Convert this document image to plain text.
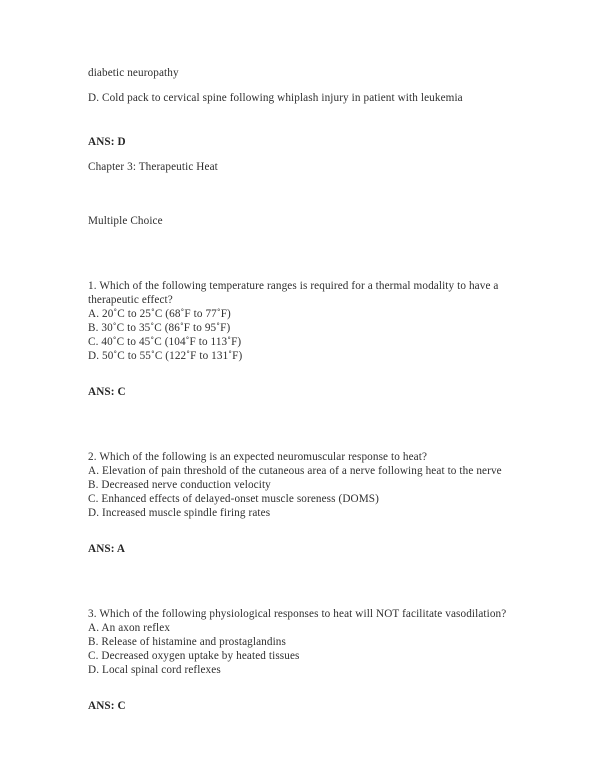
diabetic neuropathy

D. Cold pack to cervical spine following whiplash injury in patient with leukemia

ANS: D

Chapter 3: Therapeutic Heat

Multiple Choice

1. Which of the following temperature ranges is required for a thermal modality to have a therapeutic effect?

A. 20˚C to 25˚C (68˚F to 77˚F)

B. 30˚C to 35˚C (86˚F to 95˚F)

C. 40˚C to 45˚C (104˚F to 113˚F)

D. 50˚C to 55˚C (122˚F to 131˚F)

ANS: C

2. Which of the following is an expected neuromuscular response to heat?

A. Elevation of pain threshold of the cutaneous area of a nerve following heat to the nerve

B. Decreased nerve conduction velocity

C. Enhanced effects of delayed-onset muscle soreness (DOMS)

D. Increased muscle spindle firing rates

ANS: A

3. Which of the following physiological responses to heat will NOT facilitate vasodilation?

A. An axon reflex

B. Release of histamine and prostaglandins

C. Decreased oxygen uptake by heated tissues

D. Local spinal cord reflexes

ANS: C
